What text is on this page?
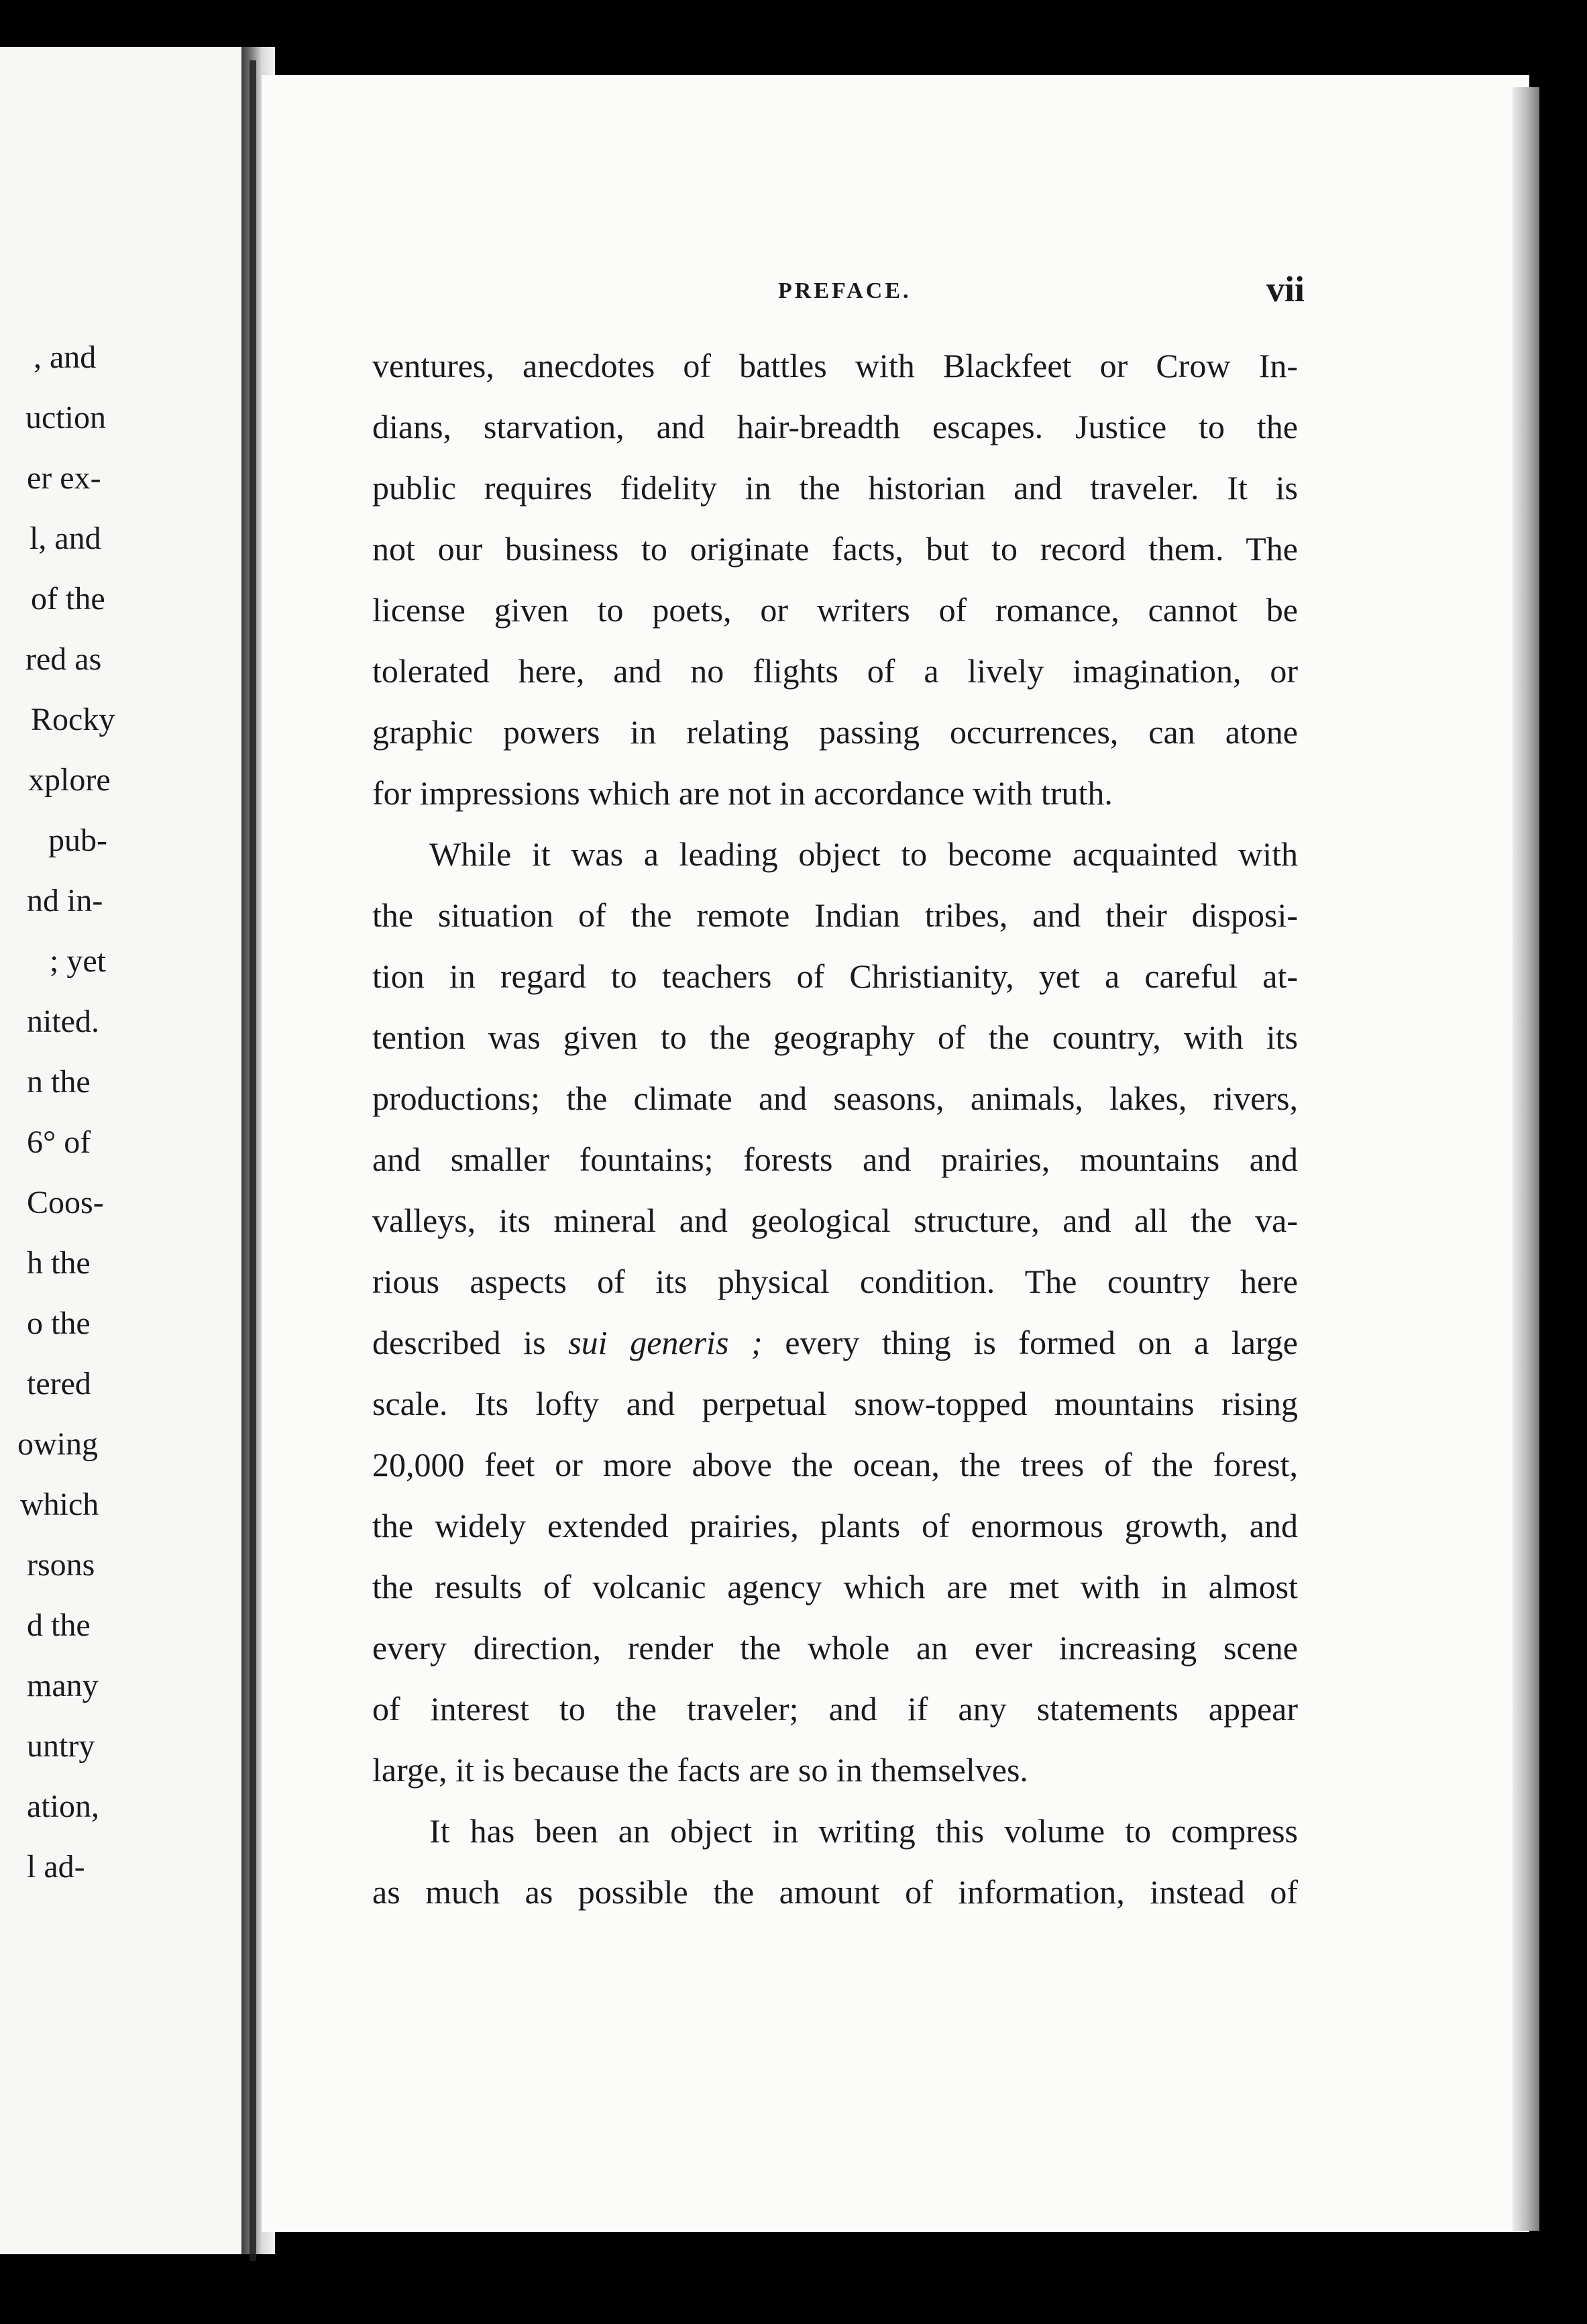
, and
uction
er ex-
l, and
of the
red as
Rocky
xplore
pub-
nd in-
; yet
nited.
n the
6° of
Coos-
h the
o the
tered
owing
which
rsons
d the
many
untry
ation,
l ad-
PREFACE.	vii
ventures, anecdotes of battles with Blackfeet or Crow In-
dians, starvation, and hair-breadth escapes. Justice to the
public requires fidelity in the historian and traveler. It is
not our business to originate facts, but to record them. The
license given to poets, or writers of romance, cannot be
tolerated here, and no flights of a lively imagination, or
graphic powers in relating passing occurrences, can atone
for impressions which are not in accordance with truth.
While it was a leading object to become acquainted with
the situation of the remote Indian tribes, and their disposi-
tion in regard to teachers of Christianity, yet a careful at-
tention was given to the geography of the country, with its
productions; the climate and seasons, animals, lakes, rivers,
and smaller fountains; forests and prairies, mountains and
valleys, its mineral and geological structure, and all the va-
rious aspects of its physical condition. The country here
described is sui generis ; every thing is formed on a large
scale. Its lofty and perpetual snow-topped mountains rising
20,000 feet or more above the ocean, the trees of the forest,
the widely extended prairies, plants of enormous growth, and
the results of volcanic agency which are met with in almost
every direction, render the whole an ever increasing scene
of interest to the traveler; and if any statements appear
large, it is because the facts are so in themselves.
It has been an object in writing this volume to compress
as much as possible the amount of information, instead of
